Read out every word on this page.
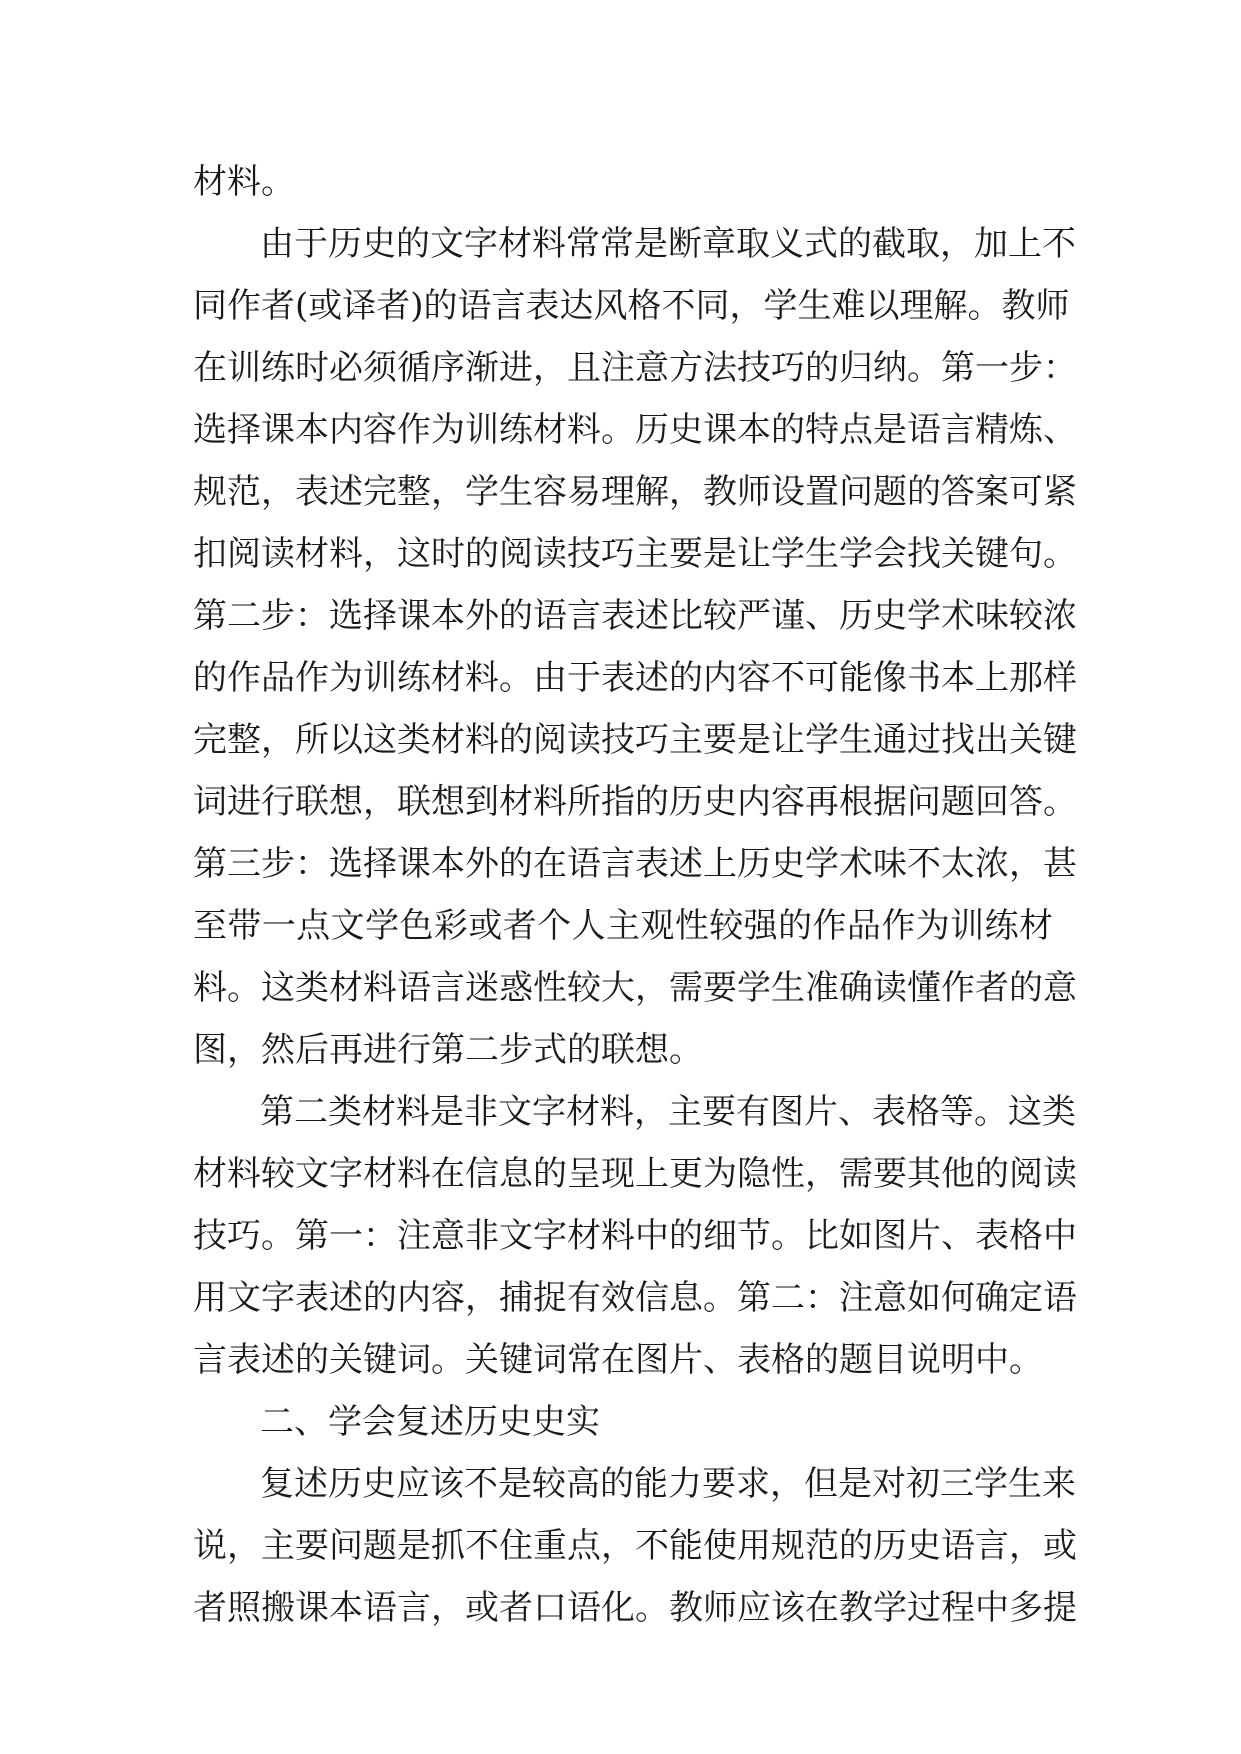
材料。
由于历史的文字材料常常是断章取义式的截取，加上不
同作者(或译者)的语言表达风格不同，学生难以理解。教师
在训练时必须循序渐进，且注意方法技巧的归纳。第一步：
选择课本内容作为训练材料。历史课本的特点是语言精炼、
规范，表述完整，学生容易理解，教师设置问题的答案可紧
扣阅读材料，这时的阅读技巧主要是让学生学会找关键句。
第二步：选择课本外的语言表述比较严谨、历史学术味较浓
的作品作为训练材料。由于表述的内容不可能像书本上那样
完整，所以这类材料的阅读技巧主要是让学生通过找出关键
词进行联想，联想到材料所指的历史内容再根据问题回答。
第三步：选择课本外的在语言表述上历史学术味不太浓，甚
至带一点文学色彩或者个人主观性较强的作品作为训练材
料。这类材料语言迷惑性较大，需要学生准确读懂作者的意
图，然后再进行第二步式的联想。
第二类材料是非文字材料，主要有图片、表格等。这类
材料较文字材料在信息的呈现上更为隐性，需要其他的阅读
技巧。第一：注意非文字材料中的细节。比如图片、表格中
用文字表述的内容，捕捉有效信息。第二：注意如何确定语
言表述的关键词。关键词常在图片、表格的题目说明中。
二、学会复述历史史实
复述历史应该不是较高的能力要求，但是对初三学生来
说，主要问题是抓不住重点，不能使用规范的历史语言，或
者照搬课本语言，或者口语化。教师应该在教学过程中多提
